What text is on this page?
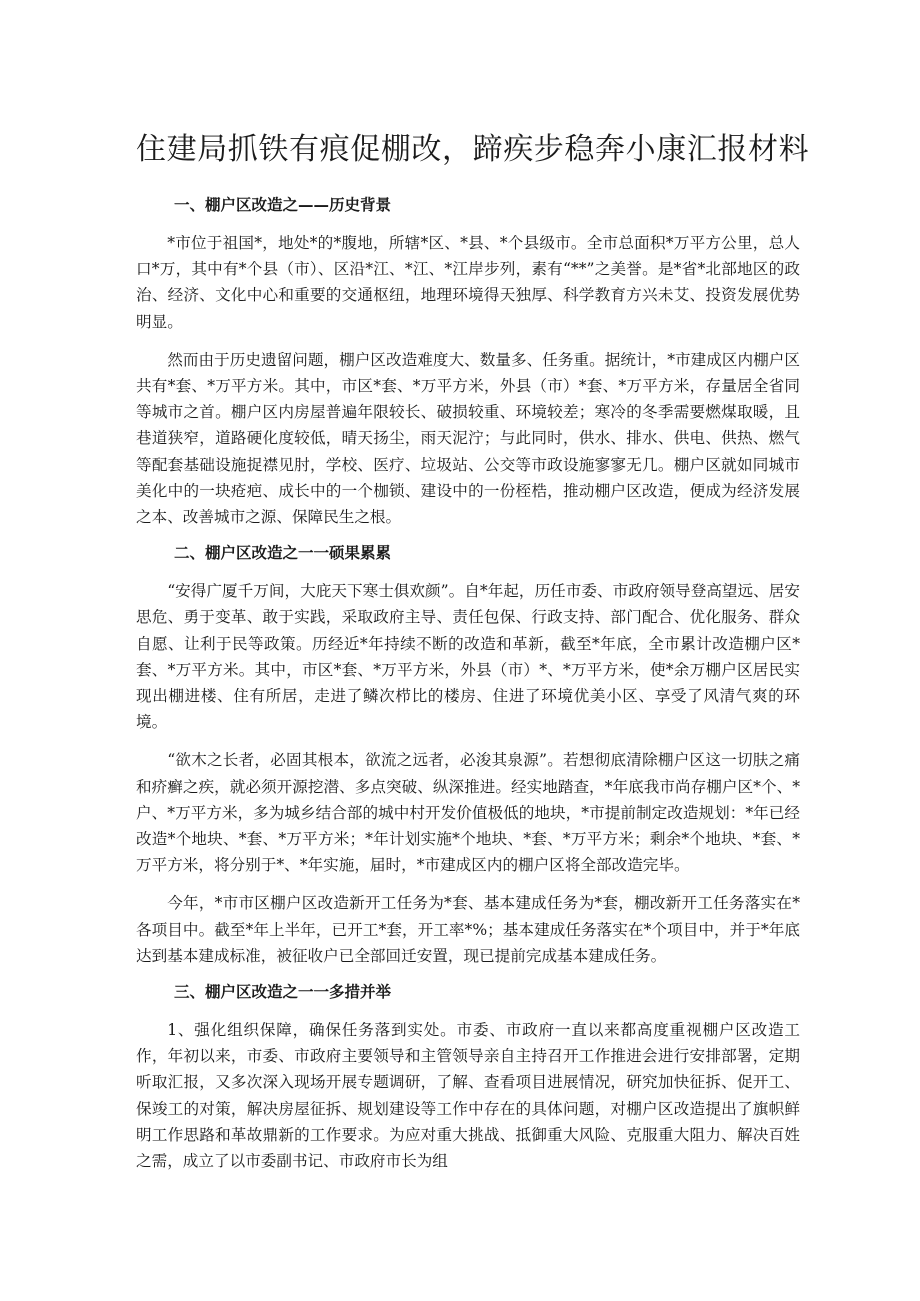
住建局抓铁有痕促棚改，蹄疾步稳奔小康汇报材料
一、棚户区改造之——历史背景

*市位于祖国*，地处*的*腹地，所辖*区、*县、*个县级市。全市总面积*万平方公里，总人口*万，其中有*个县（市）、区沿*江、*江、*江岸步列，素有“**”之美誉。是*省*北部地区的政治、经济、文化中心和重要的交通枢纽，地理环境得天独厚、科学教育方兴未艾、投资发展优势明显。

然而由于历史遗留问题，棚户区改造难度大、数量多、任务重。据统计，*市建成区内棚户区共有*套、*万平方米。其中，市区*套、*万平方米，外县（市）*套、*万平方米，存量居全省同等城市之首。棚户区内房屋普遍年限较长、破损较重、环境较差；寒冷的冬季需要燃煤取暖，且巷道狭窄，道路硬化度较低，晴天扬尘，雨天泥泞；与此同时，供水、排水、供电、供热、燃气等配套基础设施捉襟见肘，学校、医疗、垃圾站、公交等市政设施寥寥无几。棚户区就如同城市美化中的一块疮疤、成长中的一个枷锁、建设中的一份桎梏，推动棚户区改造，便成为经济发展之本、改善城市之源、保障民生之根。

二、棚户区改造之一一硕果累累

“安得广厦千万间，大庇天下寒士俱欢颜”。自*年起，历任市委、市政府领导登高望远、居安思危、勇于变革、敢于实践，采取政府主导、责任包保、行政支持、部门配合、优化服务、群众自愿、让利于民等政策。历经近*年持续不断的改造和革新，截至*年底，全市累计改造棚户区*套、*万平方米。其中，市区*套、*万平方米，外县（市）*、*万平方米，使*余万棚户区居民实现出棚进楼、住有所居，走进了鳞次栉比的楼房、住进了环境优美小区、享受了风清气爽的环境。

“欲木之长者，必固其根本，欲流之远者，必浚其泉源”。若想彻底清除棚户区这一切肤之痛和疥癣之疾，就必须开源挖潜、多点突破、纵深推进。经实地踏查，*年底我市尚存棚户区*个、*户、*万平方米，多为城乡结合部的城中村开发价值极低的地块，*市提前制定改造规划：*年已经改造*个地块、*套、*万平方米；*年计划实施*个地块、*套、*万平方米；剩余*个地块、*套、*万平方米，将分别于*、*年实施，届时，*市建成区内的棚户区将全部改造完毕。

今年，*市市区棚户区改造新开工任务为*套、基本建成任务为*套，棚改新开工任务落实在*各项目中。截至*年上半年，已开工*套，开工率*%；基本建成任务落实在*个项目中，并于*年底达到基本建成标准，被征收户已全部回迁安置，现已提前完成基本建成任务。

三、棚户区改造之一一多措并举

1、强化组织保障，确保任务落到实处。市委、市政府一直以来都高度重视棚户区改造工作，年初以来，市委、市政府主要领导和主管领导亲自主持召开工作推进会进行安排部署，定期听取汇报，又多次深入现场开展专题调研，了解、查看项目进展情况，研究加快征拆、促开工、保竣工的对策，解决房屋征拆、规划建设等工作中存在的具体问题，对棚户区改造提出了旗帜鲜明工作思路和革故鼎新的工作要求。为应对重大挑战、抵御重大风险、克服重大阻力、解决百姓之需，成立了以市委副书记、市政府市长为组
